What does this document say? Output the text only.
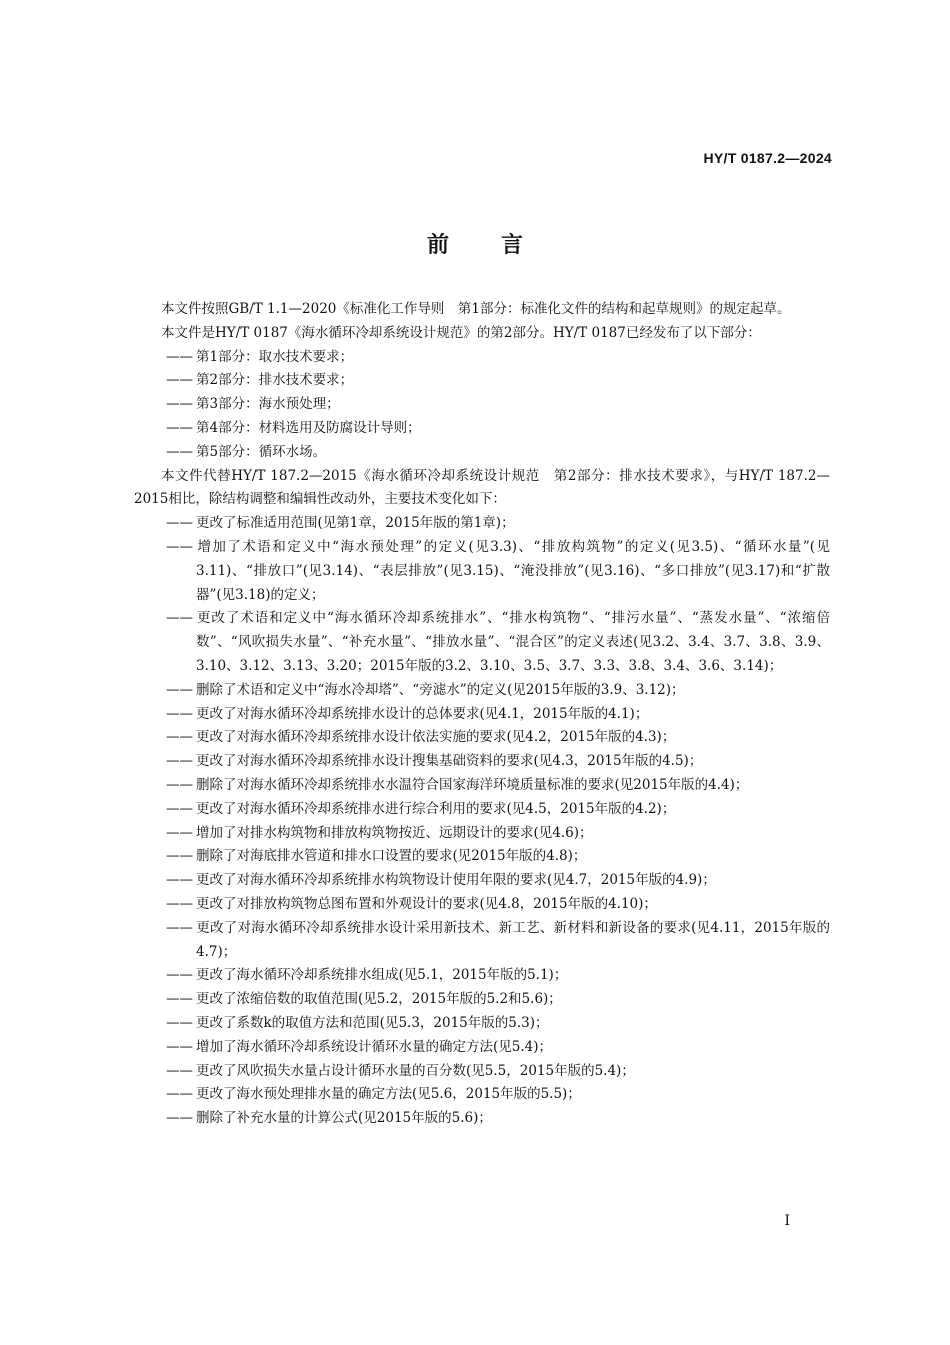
HY/T 0187.2—2024
前言

本文件按照GB/T 1.1—2020《标准化工作导则　第1部分：标准化文件的结构和起草规则》的规定起草。

本文件是HY/T 0187《海水循环冷却系统设计规范》的第2部分。HY/T 0187已经发布了以下部分：

—— 第1部分：取水技术要求；

—— 第2部分：排水技术要求；

—— 第3部分：海水预处理；

—— 第4部分：材料选用及防腐设计导则；

—— 第5部分：循环水场。

本文件代替HY/T 187.2—2015《海水循环冷却系统设计规范　第2部分：排水技术要求》，与HY/T 187.2—2015相比，除结构调整和编辑性改动外，主要技术变化如下：

—— 更改了标准适用范围(见第1章，2015年版的第1章)；

—— 增加了术语和定义中“海水预处理”的定义(见3.3)、“排放构筑物”的定义(见3.5)、“循环水量”(见3.11)、“排放口”(见3.14)、“表层排放”(见3.15)、“淹没排放”(见3.16)、“多口排放”(见3.17)和“扩散器”(见3.18)的定义；

—— 更改了术语和定义中“海水循环冷却系统排水”、“排水构筑物”、“排污水量”、“蒸发水量”、“浓缩倍数”、“风吹损失水量”、“补充水量”、“排放水量”、“混合区”的定义表述(见3.2、3.4、3.7、3.8、3.9、3.10、3.12、3.13、3.20；2015年版的3.2、3.10、3.5、3.7、3.3、3.8、3.4、3.6、3.14)；

—— 删除了术语和定义中“海水冷却塔”、“旁滤水”的定义(见2015年版的3.9、3.12)；

—— 更改了对海水循环冷却系统排水设计的总体要求(见4.1，2015年版的4.1)；

—— 更改了对海水循环冷却系统排水设计依法实施的要求(见4.2，2015年版的4.3)；

—— 更改了对海水循环冷却系统排水设计搜集基础资料的要求(见4.3，2015年版的4.5)；

—— 删除了对海水循环冷却系统排水水温符合国家海洋环境质量标准的要求(见2015年版的4.4)；

—— 更改了对海水循环冷却系统排水进行综合利用的要求(见4.5，2015年版的4.2)；

—— 增加了对排水构筑物和排放构筑物按近、远期设计的要求(见4.6)；

—— 删除了对海底排水管道和排水口设置的要求(见2015年版的4.8)；

—— 更改了对海水循环冷却系统排水构筑物设计使用年限的要求(见4.7，2015年版的4.9)；

—— 更改了对排放构筑物总图布置和外观设计的要求(见4.8，2015年版的4.10)；

—— 更改了对海水循环冷却系统排水设计采用新技术、新工艺、新材料和新设备的要求(见4.11，2015年版的4.7)；

—— 更改了海水循环冷却系统排水组成(见5.1，2015年版的5.1)；

—— 更改了浓缩倍数的取值范围(见5.2，2015年版的5.2和5.6)；

—— 更改了系数k的取值方法和范围(见5.3，2015年版的5.3)；

—— 增加了海水循环冷却系统设计循环水量的确定方法(见5.4)；

—— 更改了风吹损失水量占设计循环水量的百分数(见5.5，2015年版的5.4)；

—— 更改了海水预处理排水量的确定方法(见5.6，2015年版的5.5)；

—— 删除了补充水量的计算公式(见2015年版的5.6)；

Ⅰ
